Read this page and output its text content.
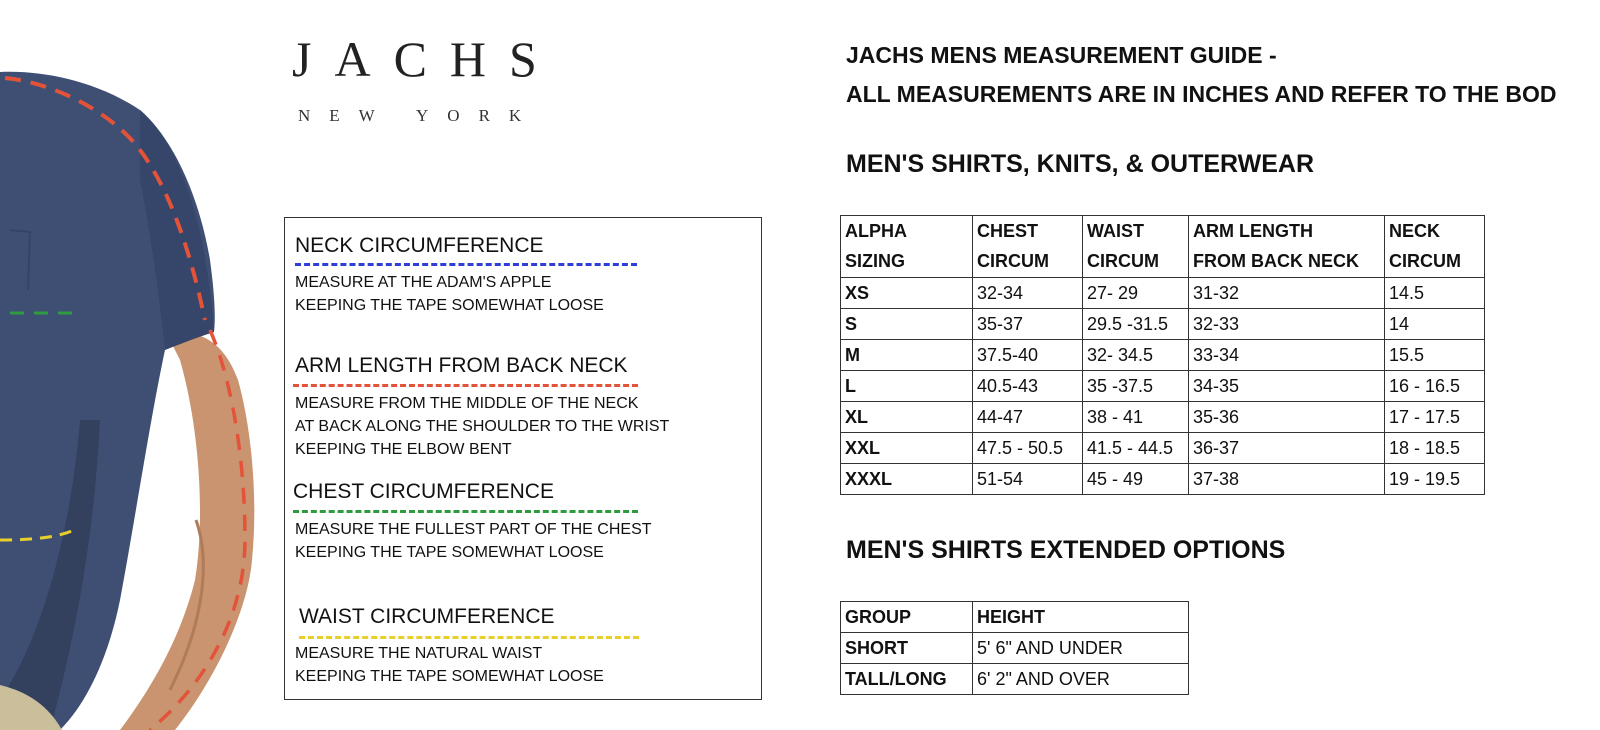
JACHS
NEW YORK
NECK CIRCUMFERENCE
MEASURE AT THE ADAM'S APPLE
KEEPING THE TAPE SOMEWHAT LOOSE
ARM LENGTH FROM BACK NECK
MEASURE FROM THE MIDDLE OF THE NECK
AT BACK ALONG THE SHOULDER TO THE WRIST
KEEPING THE ELBOW BENT
CHEST CIRCUMFERENCE
MEASURE THE FULLEST PART OF THE CHEST
KEEPING THE TAPE SOMEWHAT LOOSE
WAIST CIRCUMFERENCE
MEASURE THE NATURAL WAIST
KEEPING THE TAPE SOMEWHAT LOOSE
JACHS MENS MEASUREMENT GUIDE -
ALL MEASUREMENTS ARE IN INCHES AND REFER TO THE BOD
MEN'S SHIRTS, KNITS, & OUTERWEAR
ALPHA	CHEST	WAIST	ARM LENGTH	NECK
SIZING	CIRCUM	CIRCUM	FROM BACK NECK	CIRCUM
XS	32-34	27- 29	31-32	14.5
S	35-37	29.5 -31.5	32-33	14
M	37.5-40	32- 34.5	33-34	15.5
L	40.5-43	35 -37.5	34-35	16 - 16.5
XL	44-47	38 - 41	35-36	17 - 17.5
XXL	47.5 - 50.5	41.5 - 44.5	36-37	18 - 18.5
XXXL	51-54	45 - 49	37-38	19 - 19.5
MEN'S SHIRTS EXTENDED OPTIONS
GROUP	HEIGHT
SHORT	5' 6" AND UNDER
TALL/LONG	6' 2" AND OVER
